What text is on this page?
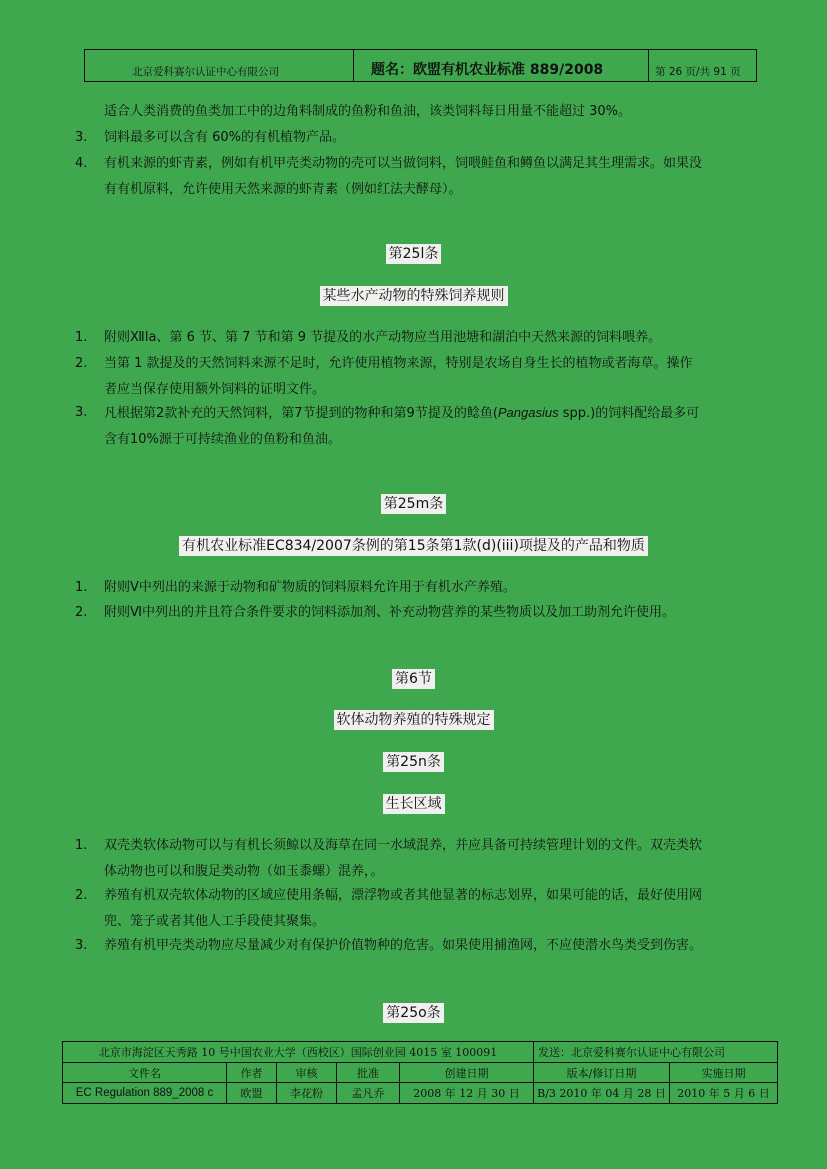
北京爱科赛尔认证中心有限公司	题名：欧盟有机农业标准 889/2008	第 26 页/共 91 页
适合人类消费的鱼类加工中的边角料制成的鱼粉和鱼油，该类饲料每日用量不能超过 30%。
3. 饲料最多可以含有 60%的有机植物产品。
4. 有机来源的虾青素，例如有机甲壳类动物的壳可以当做饲料，饲喂鲑鱼和鳟鱼以满足其生理需求。如果没
有有机原料，允许使用天然来源的虾青素（例如红法夫酵母）。
第25l条
某些水产动物的特殊饲养规则
1. 附则ⅫIa、第 6 节、第 7 节和第 9 节提及的水产动物应当用池塘和湖泊中天然来源的饲料喂养。
2. 当第 1 款提及的天然饲料来源不足时，允许使用植物来源，特别是农场自身生长的植物或者海草。操作
者应当保存使用额外饲料的证明文件。
3. 凡根据第2款补充的天然饲料，第7节提到的物种和第9节提及的鲶鱼(Pangasius spp.)的饲料配给最多可
含有10%源于可持续渔业的鱼粉和鱼油。
第25m条
有机农业标准EC834/2007条例的第15条第1款(d)(iii)项提及的产品和物质
1. 附则Ⅴ中列出的来源于动物和矿物质的饲料原料允许用于有机水产养殖。
2. 附则Ⅵ中列出的并且符合条件要求的饲料添加剂、补充动物营养的某些物质以及加工助剂允许使用。
第6节
软体动物养殖的特殊规定
第25n条
生长区域
1. 双壳类软体动物可以与有机长须鲸以及海草在同一水域混养，并应具备可持续管理计划的文件。双壳类软
体动物也可以和腹足类动物（如玉黍螺）混养，。
2. 养殖有机双壳软体动物的区域应使用条幅，漂浮物或者其他显著的标志划界，如果可能的话，最好使用网
兜、笼子或者其他人工手段使其聚集。
3. 养殖有机甲壳类动物应尽量减少对有保护价值物种的危害。如果使用捕渔网，不应使潜水鸟类受到伤害。
第25o条
北京市海淀区天秀路 10 号中国农业大学（西校区）国际创业园 4015 室 100091	发送：北京爱科赛尔认证中心有限公司
文件名	作者	审核	批准	创建日期	版本/修订日期	实施日期
EC Regulation 889_2008 c	欧盟	李花粉	孟凡乔	2008 年 12 月 30 日	B/3 2010 年 04 月 28 日	2010 年 5 月 6 日
